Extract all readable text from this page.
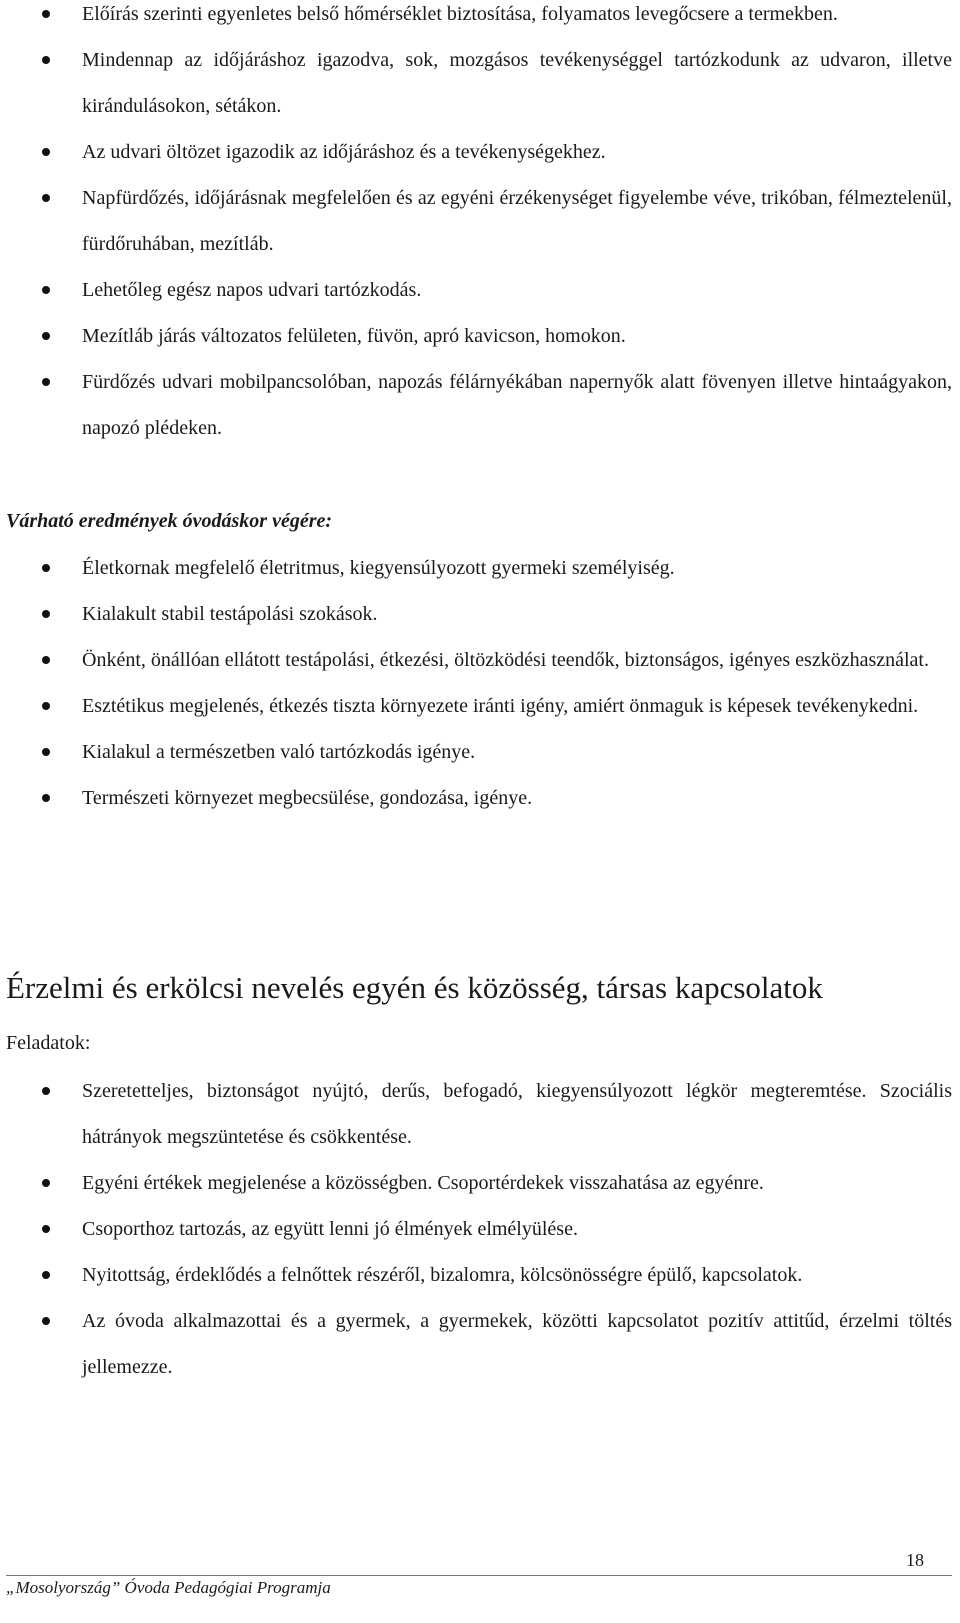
Előírás szerinti egyenletes belső hőmérséklet biztosítása, folyamatos levegőcsere a termekben.
Mindennap az időjáráshoz igazodva, sok, mozgásos tevékenységgel tartózkodunk az udvaron, illetve kirándulásokon, sétákon.
Az udvari öltözet igazodik az időjáráshoz és a tevékenységekhez.
Napfürdőzés, időjárásnak megfelelően és az egyéni érzékenységet figyelembe véve, trikóban, félmeztelenül, fürdőruhában, mezítláb.
Lehetőleg egész napos udvari tartózkodás.
Mezítláb járás változatos felületen, füvön, apró kavicson, homokon.
Fürdőzés udvari mobilpancsolóban, napozás félárnyékában napernyők alatt fövenyen illetve hintaágyakon, napozó plédeken.
Várható eredmények óvodáskor végére:
Életkornak megfelelő életritmus, kiegyensúlyozott gyermeki személyiség.
Kialakult stabil testápolási szokások.
Önként, önállóan ellátott testápolási, étkezési, öltözködési teendők, biztonságos, igényes eszközhasználat.
Esztétikus megjelenés, étkezés tiszta környezete iránti igény, amiért önmaguk is képesek tevékenykedni.
Kialakul a természetben való tartózkodás igénye.
Természeti környezet megbecsülése, gondozása, igénye.
Érzelmi és erkölcsi nevelés egyén és közösség, társas kapcsolatok
Feladatok:
Szeretetteljes, biztonságot nyújtó, derűs, befogadó, kiegyensúlyozott légkör megteremtése. Szociális hátrányok megszüntetése és csökkentése.
Egyéni értékek megjelenése a közösségben. Csoportérdekek visszahatása az egyénre.
Csoporthoz tartozás, az együtt lenni jó élmények elmélyülése.
Nyitottság, érdeklődés a felnőttek részéről, bizalomra, kölcsönösségre épülő, kapcsolatok.
Az óvoda alkalmazottai és a gyermek, a gyermekek, közötti kapcsolatot pozitív attitűd, érzelmi töltés jellemezze.
18
„Mosolyország” Óvoda Pedagógiai Programja
